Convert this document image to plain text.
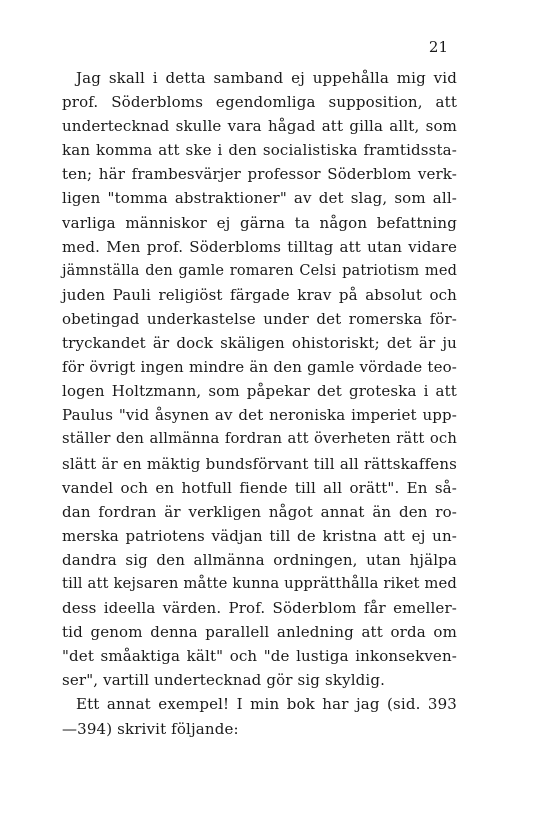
21
Jag skall i detta samband ej uppehålla mig vid
prof. Söderbloms egendomliga supposition, att
undertecknad skulle vara hågad att gilla allt, som
kan komma att ske i den socialistiska framtidssta-
ten; här frambesvärjer professor Söderblom verk-
ligen "tomma abstraktioner" av det slag, som all-
varliga människor ej gärna ta någon befattning
med. Men prof. Söderbloms tilltag att utan vidare
jämnställa den gamle romaren Celsi patriotism med
juden Pauli religiöst färgade krav på absolut och
obetingad underkastelse under det romerska för-
tryckandet är dock skäligen ohistoriskt; det är ju
för övrigt ingen mindre än den gamle vördade teo-
logen Holtzmann, som påpekar det groteska i att
Paulus "vid åsynen av det neroniska imperiet upp-
ställer den allmänna fordran att överheten rätt och
slätt är en mäktig bundsförvant till all rättskaffens
vandel och en hotfull fiende till all orätt". En så-
dan fordran är verkligen något annat än den ro-
merska patriotens vädjan till de kristna att ej un-
dandra sig den allmänna ordningen, utan hjälpa
till att kejsaren måtte kunna upprätthålla riket med
dess ideella värden. Prof. Söderblom får emeller-
tid genom denna parallell anledning att orda om
"det småaktiga kält" och "de lustiga inkonsekven-
ser", vartill undertecknad gör sig skyldig.
Ett annat exempel! I min bok har jag (sid. 393
—394) skrivit följande:
